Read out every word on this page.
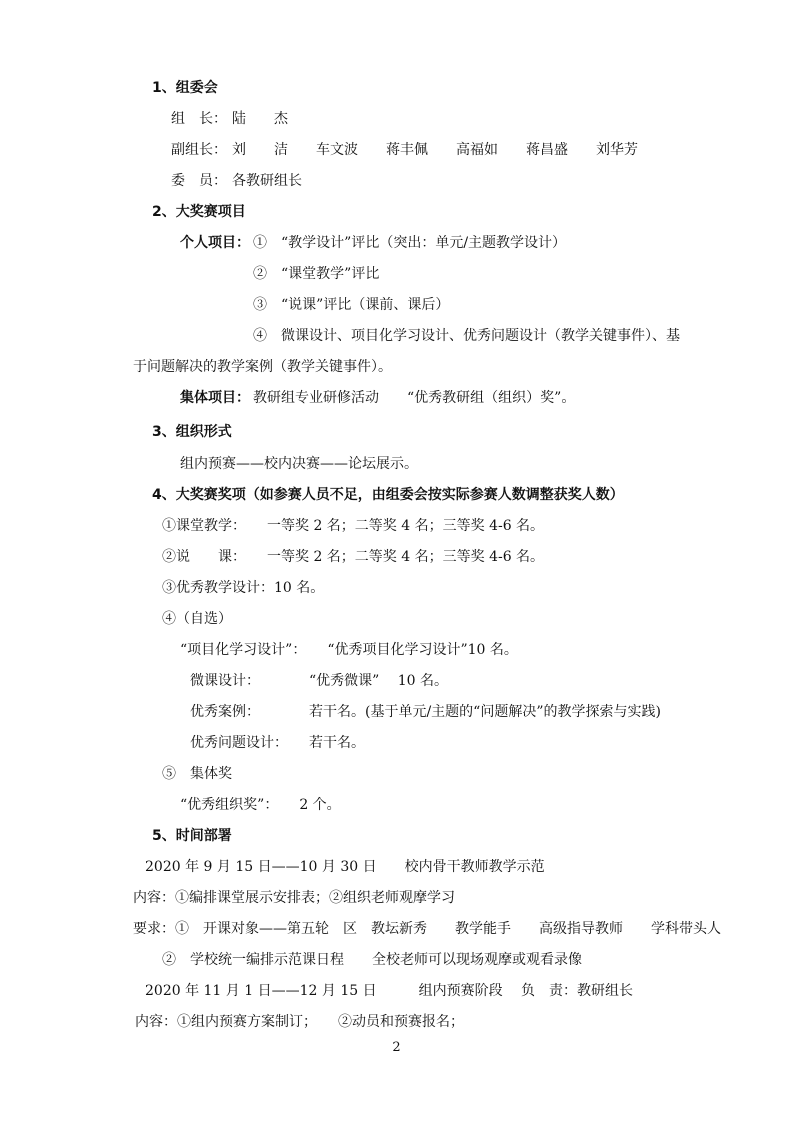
1、组委会
组　长： 陆　　杰
副组长： 刘　　洁　　车文波　　蒋丰佩　　高福如　　蒋昌盛　　刘华芳
委　员： 各教研组长
2、大奖赛项目
个人项目： ①　“教学设计”评比（突出：单元/主题教学设计）
②　“课堂教学”评比
③　“说课”评比（课前、课后）
④　微课设计、项目化学习设计、优秀问题设计（教学关键事件）、基
于问题解决的教学案例（教学关键事件）。
集体项目： 教研组专业研修活动　　“优秀教研组（组织）奖”。
3、组织形式
组内预赛——校内决赛——论坛展示。
4、大奖赛奖项（如参赛人员不足，由组委会按实际参赛人数调整获奖人数）
①课堂教学：　　一等奖 2 名；二等奖 4 名；三等奖 4-6 名。
②说　　课：　　一等奖 2 名；二等奖 4 名；三等奖 4-6 名。
③优秀教学设计：10 名。
④（自选）
“项目化学习设计”：　　“优秀项目化学习设计”10 名。
微课设计：　　　　“优秀微课”　 10 名。
优秀案例：　　　　若干名。(基于单元/主题的“问题解决”的教学探索与实践)
优秀问题设计：　　若干名。
⑤　集体奖
“优秀组织奖”：　　2 个。
5、时间部署
2020 年 9 月 15 日——10 月 30 日　　校内骨干教师教学示范
内容：①编排课堂展示安排表；②组织老师观摩学习
要求：①　开课对象——第五轮　区　教坛新秀　　教学能手　　高级指导教师　　学科带头人
②　学校统一编排示范课日程　　全校老师可以现场观摩或观看录像
2020 年 11 月 1 日——12 月 15 日　　　组内预赛阶段　 负　责：教研组长
内容：①组内预赛方案制订；　　②动员和预赛报名；
2
